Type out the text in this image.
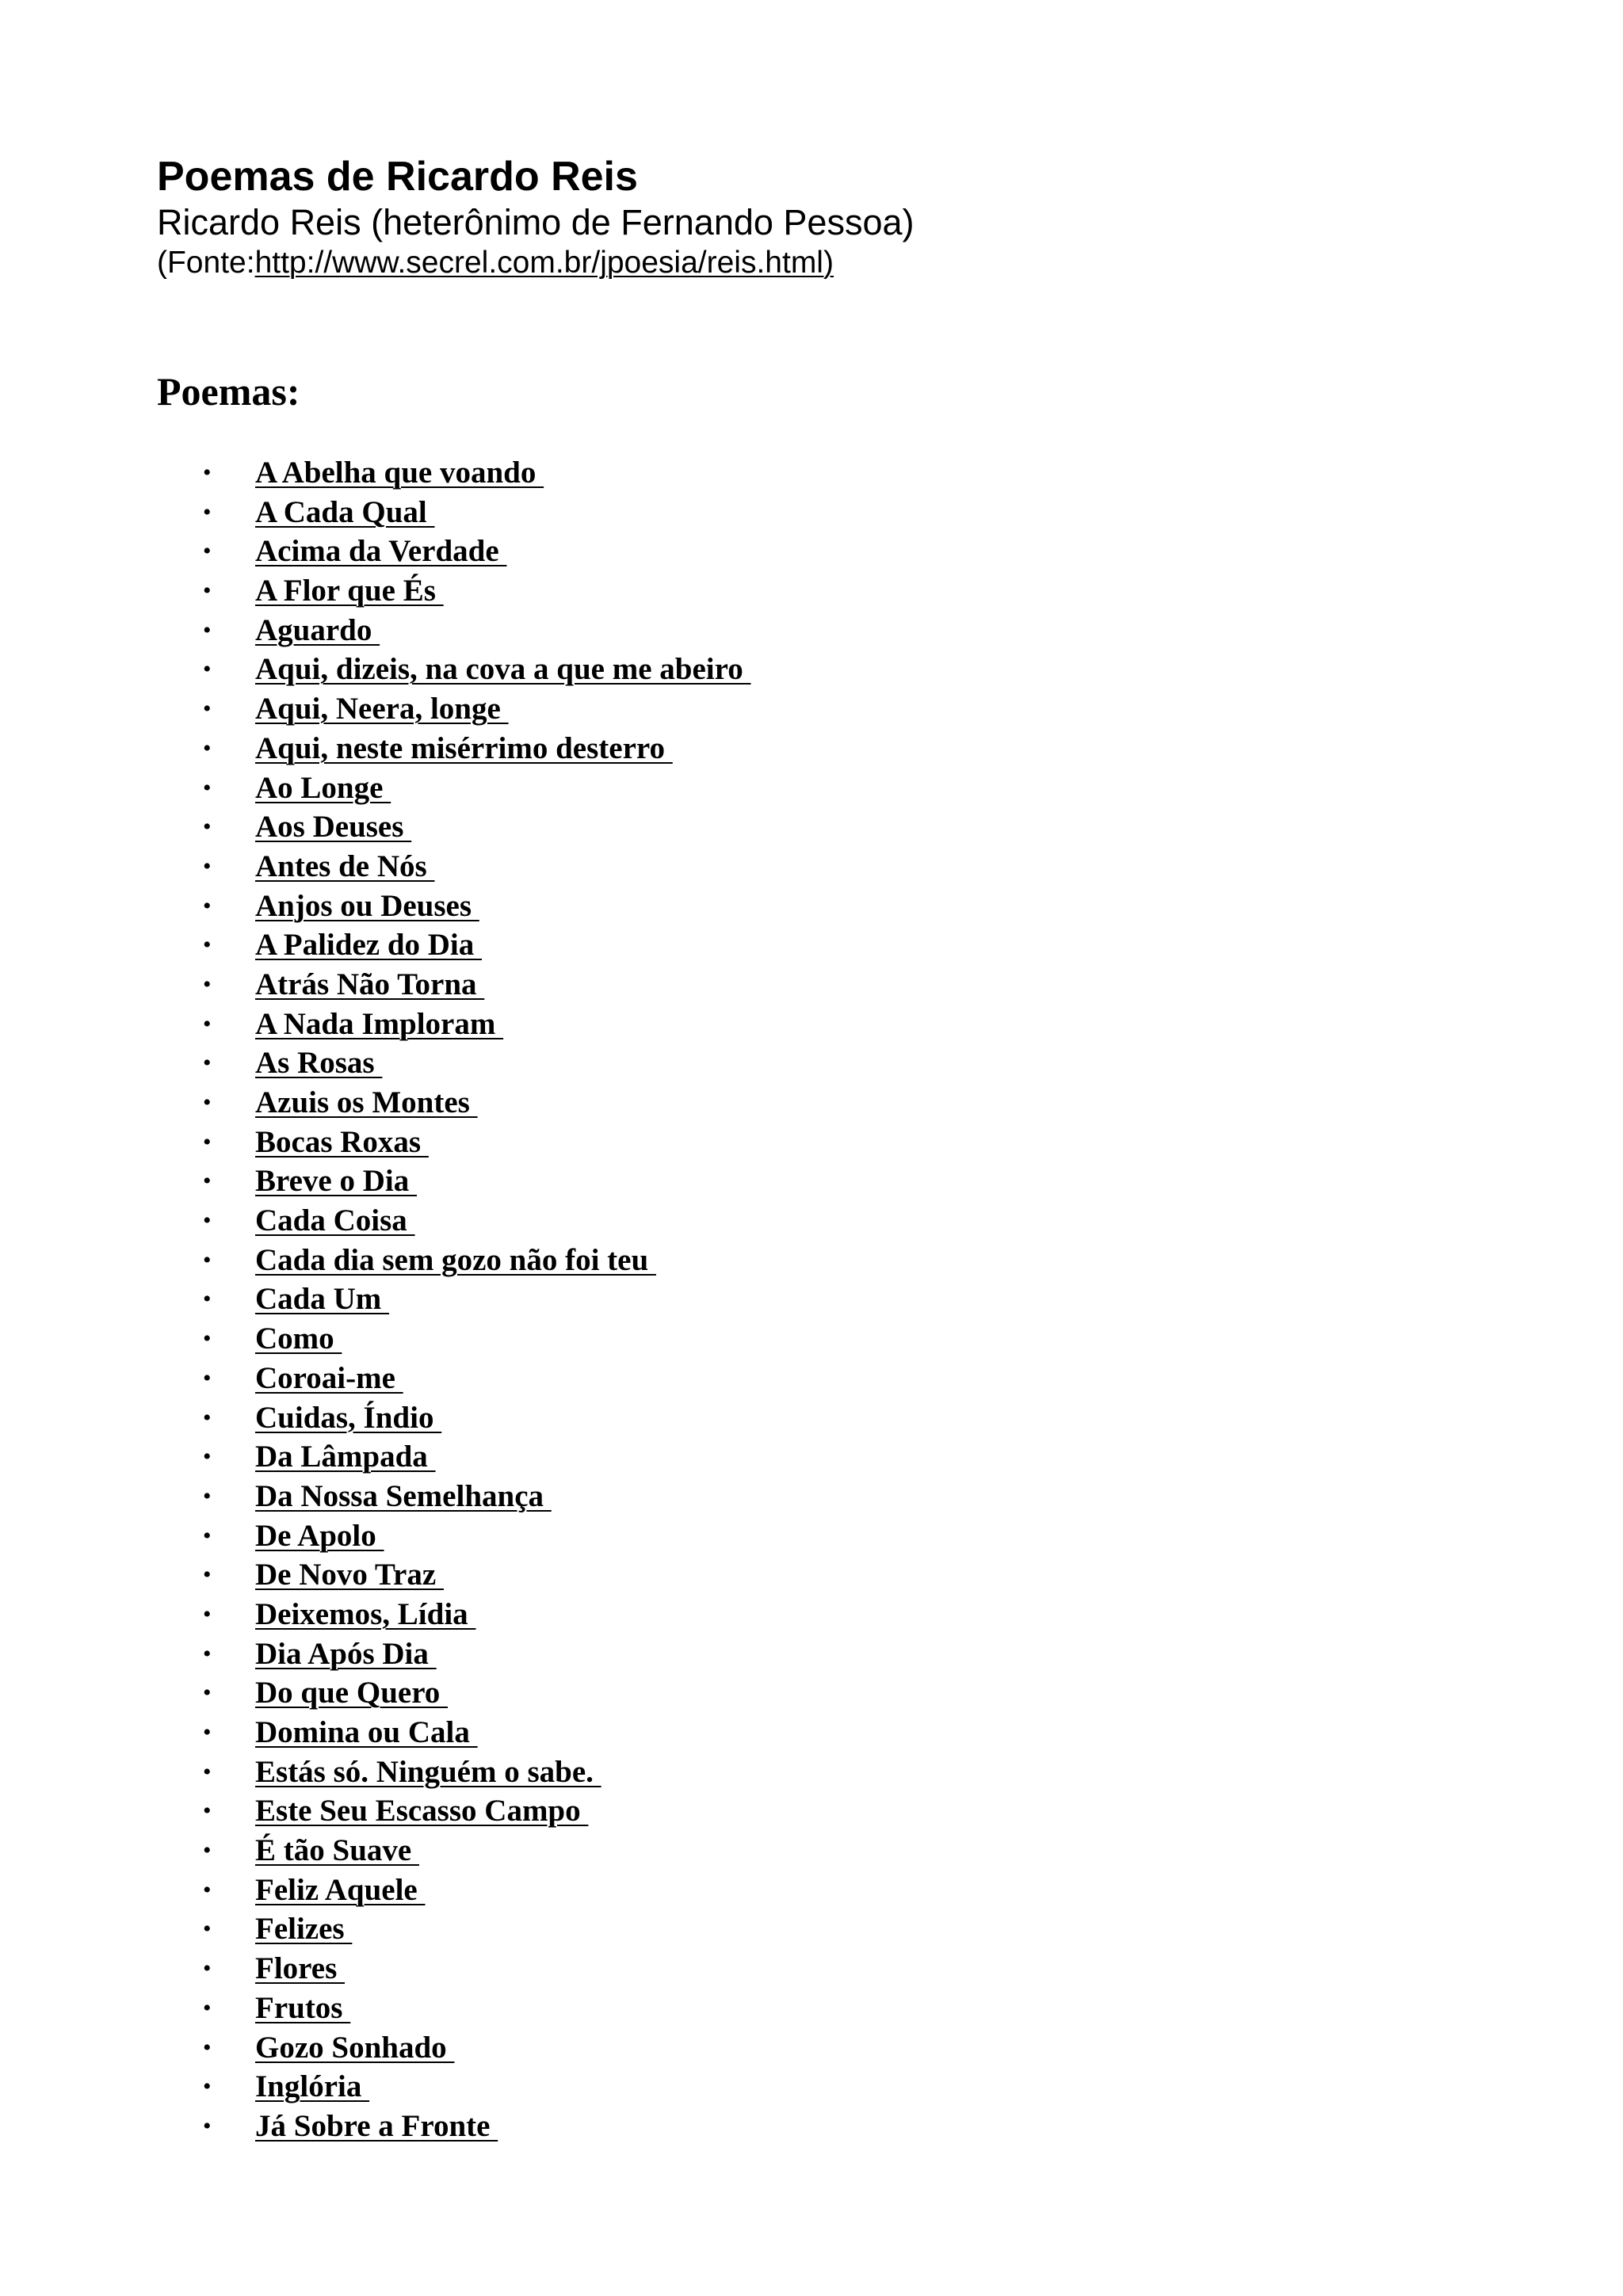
Poemas de Ricardo Reis

Ricardo Reis (heterônimo de Fernando Pessoa)

(Fonte:http://www.secrel.com.br/jpoesia/reis.html)

Poemas:
• A Abelha que voando
• A Cada Qual
• Acima da Verdade
• A Flor que És
• Aguardo
• Aqui, dizeis, na cova a que me abeiro
• Aqui, Neera, longe
• Aqui, neste misérrimo desterro
• Ao Longe
• Aos Deuses
• Antes de Nós
• Anjos ou Deuses
• A Palidez do Dia
• Atrás Não Torna
• A Nada Imploram
• As Rosas
• Azuis os Montes
• Bocas Roxas
• Breve o Dia
• Cada Coisa
• Cada dia sem gozo não foi teu
• Cada Um
• Como
• Coroai-me
• Cuidas, Índio
• Da Lâmpada
• Da Nossa Semelhança
• De Apolo
• De Novo Traz
• Deixemos, Lídia
• Dia Após Dia
• Do que Quero
• Domina ou Cala
• Estás só. Ninguém o sabe.
• Este Seu Escasso Campo
• É tão Suave
• Feliz Aquele
• Felizes
• Flores
• Frutos
• Gozo Sonhado
• Inglória
• Já Sobre a Fronte
